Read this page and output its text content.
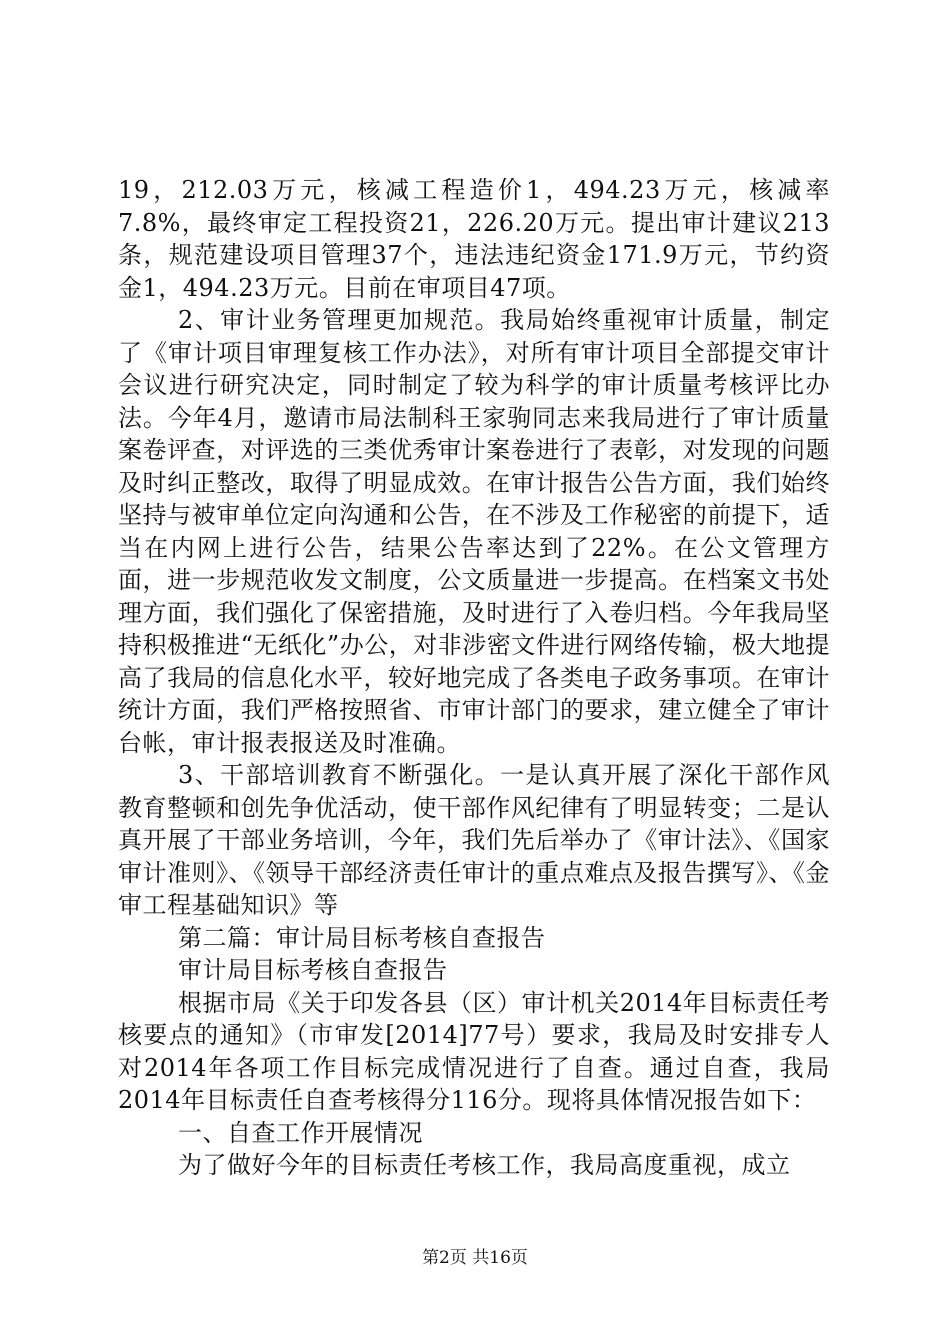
19，212.03万元，核减工程造价1，494.23万元，核减率7.8%，最终审定工程投资21，226.20万元。提出审计建议213条，规范建设项目管理37个，违法违纪资金171.9万元，节约资金1，494.23万元。目前在审项目47项。

2、审计业务管理更加规范。我局始终重视审计质量，制定了《审计项目审理复核工作办法》，对所有审计项目全部提交审计会议进行研究决定，同时制定了较为科学的审计质量考核评比办法。今年4月，邀请市局法制科王家驹同志来我局进行了审计质量案卷评查，对评选的三类优秀审计案卷进行了表彰，对发现的问题及时纠正整改，取得了明显成效。在审计报告公告方面，我们始终坚持与被审单位定向沟通和公告，在不涉及工作秘密的前提下，适当在内网上进行公告，结果公告率达到了22%。在公文管理方面，进一步规范收发文制度，公文质量进一步提高。在档案文书处理方面，我们强化了保密措施，及时进行了入卷归档。今年我局坚持积极推进“无纸化”办公，对非涉密文件进行网络传输，极大地提高了我局的信息化水平，较好地完成了各类电子政务事项。在审计统计方面，我们严格按照省、市审计部门的要求，建立健全了审计台帐，审计报表报送及时准确。

3、干部培训教育不断强化。一是认真开展了深化干部作风教育整顿和创先争优活动，使干部作风纪律有了明显转变；二是认真开展了干部业务培训，今年，我们先后举办了《审计法》、《国家审计准则》、《领导干部经济责任审计的重点难点及报告撰写》、《金审工程基础知识》等

第二篇：审计局目标考核自查报告

审计局目标考核自查报告

根据市局《关于印发各县（区）审计机关2014年目标责任考核要点的通知》（市审发[2014]77号）要求，我局及时安排专人对2014年各项工作目标完成情况进行了自查。通过自查，我局2014年目标责任自查考核得分116分。现将具体情况报告如下：

一、自查工作开展情况

为了做好今年的目标责任考核工作，我局高度重视，成立

第2页 共16页
